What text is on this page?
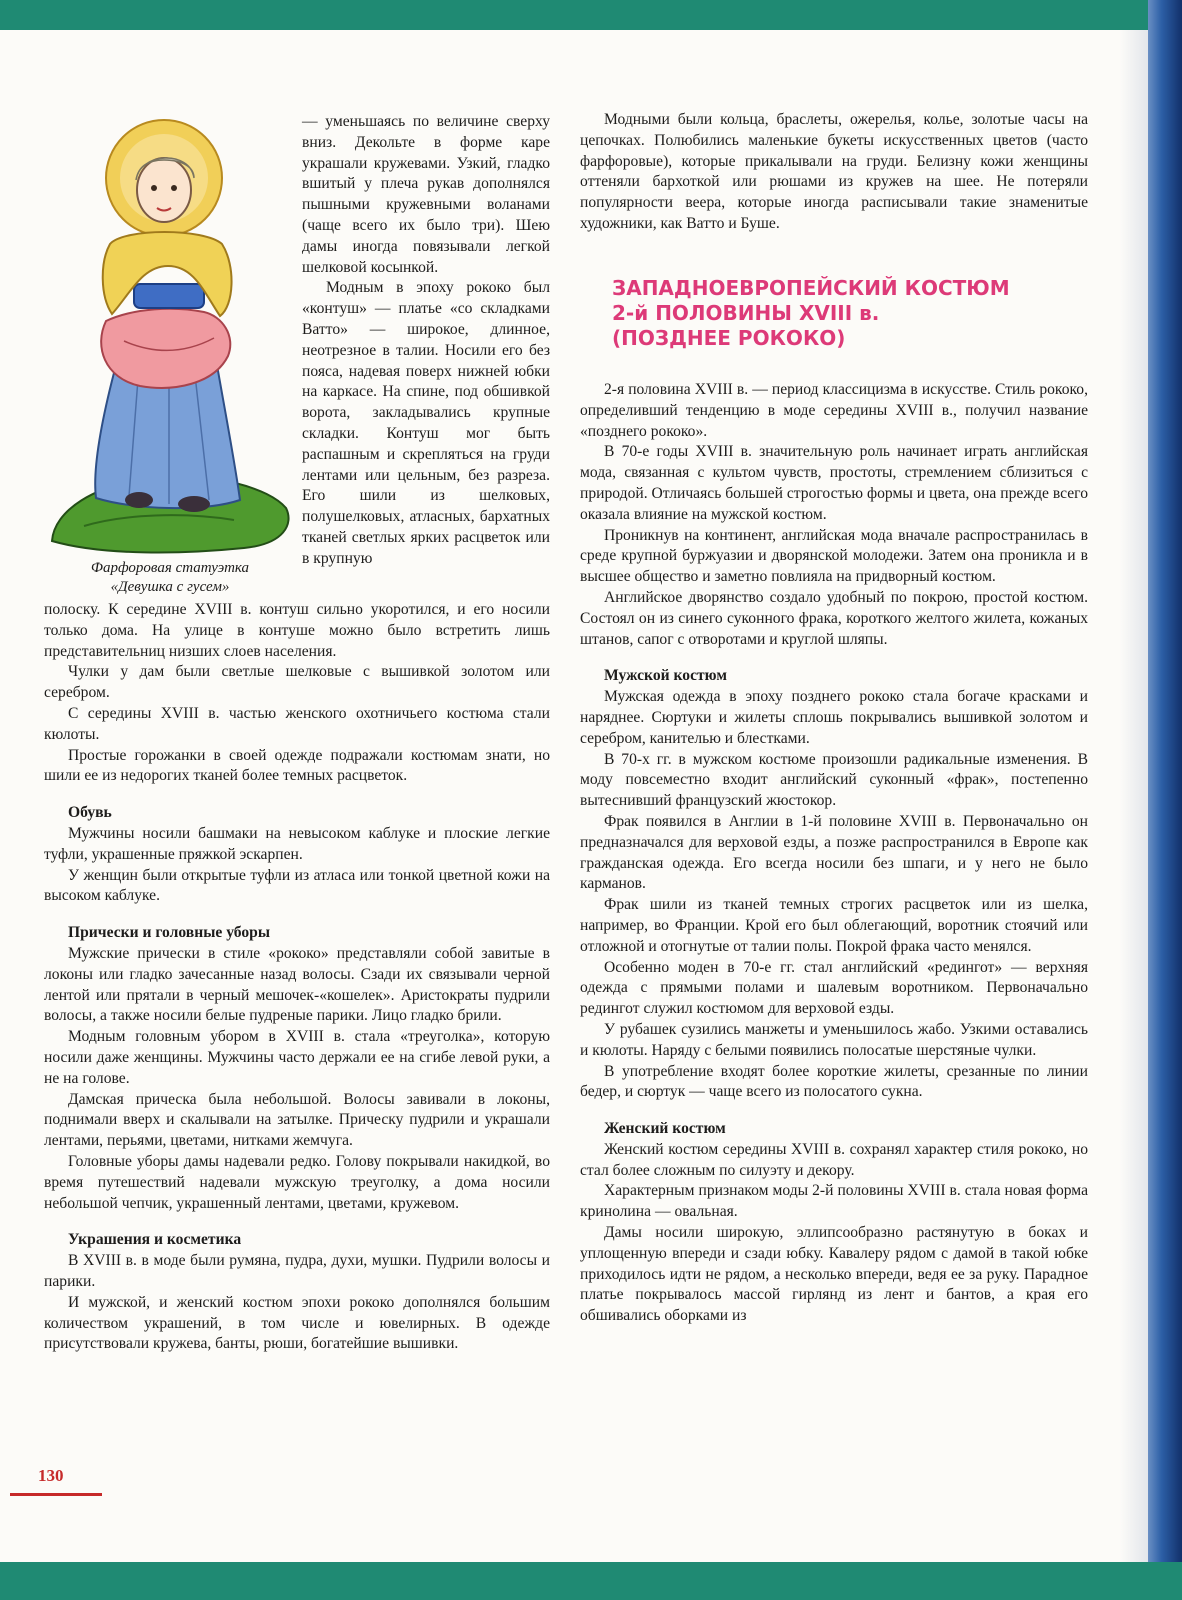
Фарфоровая статуэтка
«Девушка с гусем»

— уменьшаясь по величине сверху вниз. Декольте в форме каре украшали кружевами. Узкий, гладко вшитый у плеча рукав дополнялся пышными кружевными воланами (чаще всего их было три). Шею дамы иногда повязывали легкой шелковой косынкой.

Модным в эпоху рококо был «контуш» — платье «со складками Ватто» — широкое, длинное, неотрезное в талии. Носили его без пояса, надевая поверх нижней юбки на каркасе. На спине, под обшивкой ворота, закладывались крупные складки. Контуш мог быть распашным и скрепляться на груди лентами или цельным, без разреза. Его шили из шелковых, полушелковых, атласных, бархатных тканей светлых ярких расцветок или в крупную

полоску. К середине XVIII в. контуш сильно укоротился, и его носили только дома. На улице в контуше можно было встретить лишь представительниц низших слоев населения.

Чулки у дам были светлые шелковые с вышивкой золотом или серебром.

С середины XVIII в. частью женского охотничьего костюма стали кюлоты.

Простые горожанки в своей одежде подражали костюмам знати, но шили ее из недорогих тканей более темных расцветок.

Обувь

Мужчины носили башмаки на невысоком каблуке и плоские легкие туфли, украшенные пряжкой эскарпен.

У женщин были открытые туфли из атласа или тонкой цветной кожи на высоком каблуке.

Прически и головные уборы

Мужские прически в стиле «рококо» представляли собой завитые в локоны или гладко зачесанные назад волосы. Сзади их связывали черной лентой или прятали в черный мешочек-«кошелек». Аристократы пудрили волосы, а также носили белые пудреные парики. Лицо гладко брили.

Модным головным убором в XVIII в. стала «треуголка», которую носили даже женщины. Мужчины часто держали ее на сгибе левой руки, а не на голове.

Дамская прическа была небольшой. Волосы завивали в локоны, поднимали вверх и скалывали на затылке. Прическу пудрили и украшали лентами, перьями, цветами, нитками жемчуга.

Головные уборы дамы надевали редко. Голову покрывали накидкой, во время путешествий надевали мужскую треуголку, а дома носили небольшой чепчик, украшенный лентами, цветами, кружевом.

Украшения и косметика

В XVIII в. в моде были румяна, пудра, духи, мушки. Пудрили волосы и парики.

И мужской, и женский костюм эпохи рококо дополнялся большим количеством украшений, в том числе и ювелирных. В одежде присутствовали кружева, банты, рюши, богатейшие вышивки.

Модными были кольца, браслеты, ожерелья, колье, золотые часы на цепочках. Полюбились маленькие букеты искусственных цветов (часто фарфоровые), которые прикалывали на груди. Белизну кожи женщины оттеняли бархоткой или рюшами из кружев на шее. Не потеряли популярности веера, которые иногда расписывали такие знаменитые художники, как Ватто и Буше.

ЗАПАДНОЕВРОПЕЙСКИЙ КОСТЮМ
2-й ПОЛОВИНЫ XVIII в.
(ПОЗДНЕЕ РОКОКО)

2-я половина XVIII в. — период классицизма в искусстве. Стиль рококо, определивший тенденцию в моде середины XVIII в., получил название «позднего рококо».

В 70-е годы XVIII в. значительную роль начинает играть английская мода, связанная с культом чувств, простоты, стремлением сблизиться с природой. Отличаясь большей строгостью формы и цвета, она прежде всего оказала влияние на мужской костюм.

Проникнув на континент, английская мода вначале распространилась в среде крупной буржуазии и дворянской молодежи. Затем она проникла и в высшее общество и заметно повлияла на придворный костюм.

Английское дворянство создало удобный по покрою, простой костюм. Состоял он из синего суконного фрака, короткого желтого жилета, кожаных штанов, сапог с отворотами и круглой шляпы.

Мужской костюм

Мужская одежда в эпоху позднего рококо стала богаче красками и наряднее. Сюртуки и жилеты сплошь покрывались вышивкой золотом и серебром, канителью и блестками.

В 70-х гг. в мужском костюме произошли радикальные изменения. В моду повсеместно входит английский суконный «фрак», постепенно вытеснивший французский жюстокор.

Фрак появился в Англии в 1-й половине XVIII в. Первоначально он предназначался для верховой езды, а позже распространился в Европе как гражданская одежда. Его всегда носили без шпаги, и у него не было карманов.

Фрак шили из тканей темных строгих расцветок или из шелка, например, во Франции. Крой его был облегающий, воротник стоячий или отложной и отогнутые от талии полы. Покрой фрака часто менялся.

Особенно моден в 70-е гг. стал английский «редингот» — верхняя одежда с прямыми полами и шалевым воротником. Первоначально редингот служил костюмом для верховой езды.

У рубашек сузились манжеты и уменьшилось жабо. Узкими оставались и кюлоты. Наряду с белыми появились полосатые шерстяные чулки.

В употребление входят более короткие жилеты, срезанные по линии бедер, и сюртук — чаще всего из полосатого сукна.

Женский костюм

Женский костюм середины XVIII в. сохранял характер стиля рококо, но стал более сложным по силуэту и декору.

Характерным признаком моды 2-й половины XVIII в. стала новая форма кринолина — овальная.

Дамы носили широкую, эллипсообразно растянутую в боках и уплощенную впереди и сзади юбку. Кавалеру рядом с дамой в такой юбке приходилось идти не рядом, а несколько впереди, ведя ее за руку. Парадное платье покрывалось массой гирлянд из лент и бантов, а края его обшивались оборками из

130
